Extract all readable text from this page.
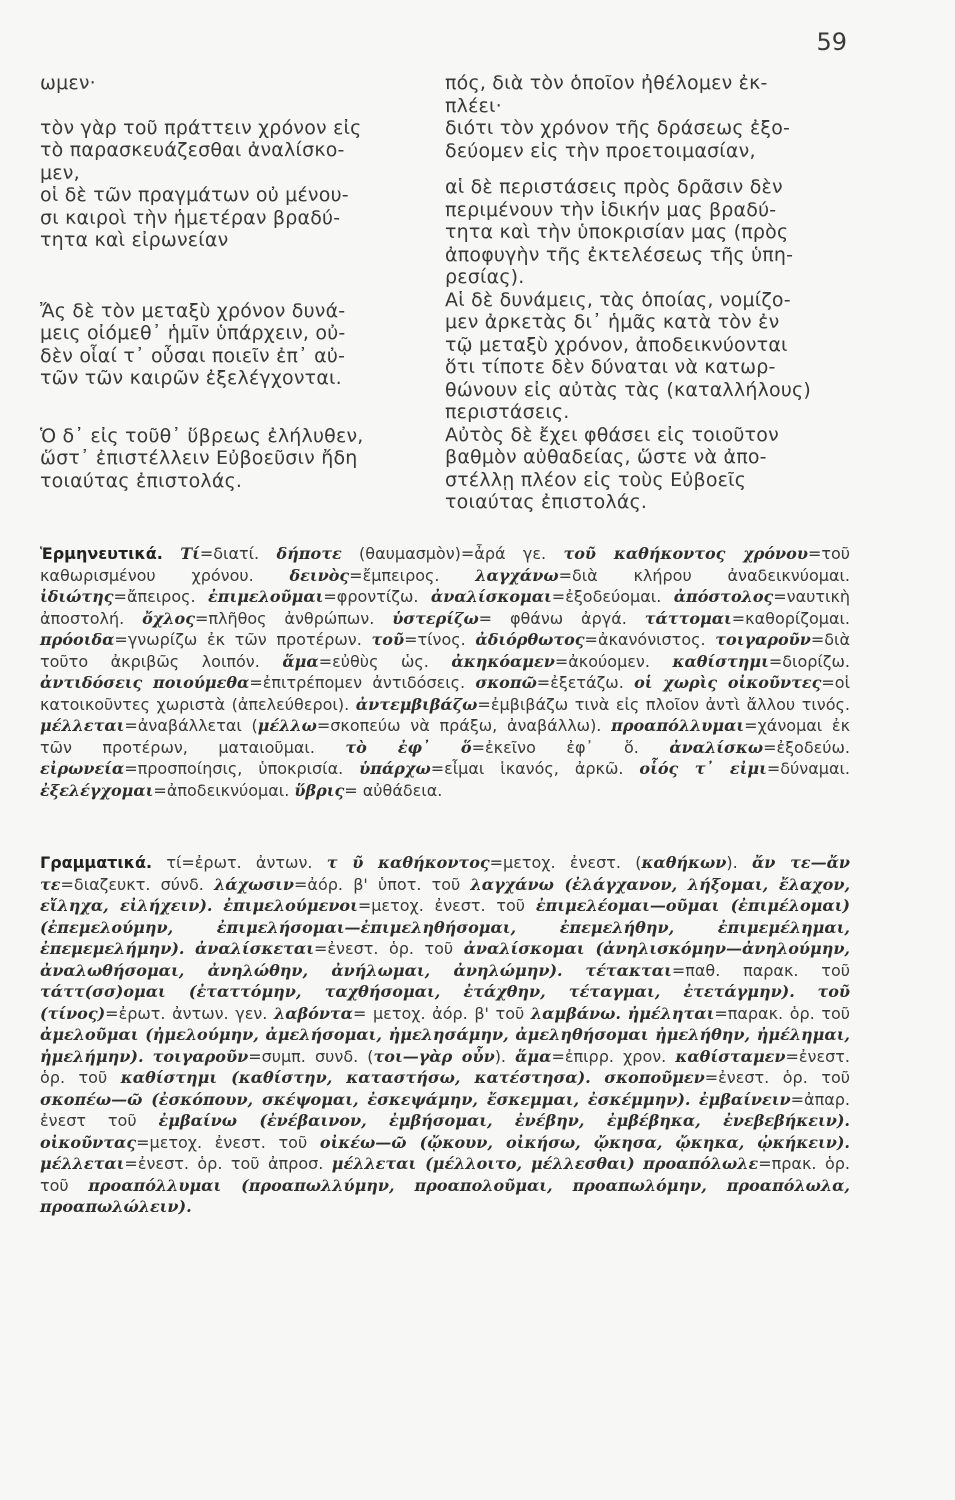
59

ωμεν·

τὸν γὰρ τοῦ πράττειν χρόνον εἰς
τὸ παρασκευάζεσθαι ἀναλίσκο-
μεν,
οἱ δὲ τῶν πραγμάτων οὐ μένου-
σι καιροὶ τὴν ἡμετέραν βραδύ-
τητα καὶ εἰρωνείαν

Ἄς δὲ τὸν μεταξὺ χρόνον δυνά-
μεις οἰόμεθ᾽ ἡμῖν ὑπάρχειν, οὐ-
δὲν οἷαί τ᾽ οὖσαι ποιεῖν ἐπ᾽ αὐ-
τῶν τῶν καιρῶν ἐξελέγχονται.

Ὁ δ᾽ εἰς τοῦθ᾽ ὕβρεως ἐλήλυθεν,
ὥστ᾽ ἐπιστέλλειν Εὐβοεῦσιν ἤδη
τοιαύτας ἐπιστολάς.

πός, διὰ τὸν ὁποῖον ἠθέλομεν ἐκ-
πλέει·
διότι τὸν χρόνον τῆς δράσεως ἐξο-
δεύομεν εἰς τὴν προετοιμασίαν,

αἱ δὲ περιστάσεις πρὸς δρᾶσιν δὲν
περιμένουν τὴν ἰδικήν μας βραδύ-
τητα καὶ τὴν ὑποκρισίαν μας (πρὸς
ἀποφυγὴν τῆς ἐκτελέσεως τῆς ὑπη-
ρεσίας).

Αἱ δὲ δυνάμεις, τὰς ὁποίας, νομίζο-
μεν ἀρκετὰς δι᾽ ἡμᾶς κατὰ τὸν ἐν
τῷ μεταξὺ χρόνον, ἀποδεικνύονται
ὅτι τίποτε δὲν δύναται νὰ κατωρ-
θώνουν εἰς αὐτὰς τὰς (καταλλήλους)
περιστάσεις.

Αὐτὸς δὲ ἔχει φθάσει εἰς τοιοῦτον
βαθμὸν αὐθαδείας, ὥστε νὰ ἀπο-
στέλλῃ πλέον εἰς τοὺς Εὐβοεῖς
τοιαύτας ἐπιστολάς.

Ἑρμηνευτικά. Τί=διατί. δήποτε (θαυμασμὸν)=ἆρά γε. τοῦ καθήκοντος χρόνου=τοῦ καθωρισμένου χρόνου. δεινὸς=ἔμπειρος. λαγχάνω=διὰ κλήρου ἀναδεικνύομαι. ἰδιώτης=ἄπειρος. ἐπιμελοῦμαι=φροντίζω. ἀναλίσκομαι=ἐξοδεύομαι. ἀπόστολος=ναυτικὴ ἀποστολή. ὄχλος=πλῆθος ἀνθρώπων. ὑστερίζω= φθάνω ἀργά. τάττομαι=καθορίζομαι. πρόοιδα=γνωρίζω ἐκ τῶν προτέρων. τοῦ=τίνος. ἀδιόρθωτος=ἀκανόνιστος. τοιγαροῦν=διὰ τοῦτο ἀκριβῶς λοιπόν. ἅμα=εὐθὺς ὡς. ἀκηκόαμεν=ἀκούομεν. καθίστημι=διορίζω. ἀντιδόσεις ποιούμεθα=ἐπιτρέπομεν ἀντιδόσεις. σκοπῶ=ἐξετάζω. οἱ χωρὶς οἰκοῦντες=οἱ κατοικοῦντες χωριστὰ (ἀπελεύθεροι). ἀντεμβιβάζω=ἐμβιβάζω τινὰ εἰς πλοῖον ἀντὶ ἄλλου τινός. μέλλεται=ἀναβάλλεται (μέλλω=σκοπεύω νὰ πράξω, ἀναβάλλω). προαπόλλυμαι=χάνομαι ἐκ τῶν προτέρων, ματαιοῦμαι. τὸ ἐφ᾽ ὅ=ἐκεῖνο ἐφ᾽ ὅ. ἀναλίσκω=ἐξοδεύω. εἰρωνεία=προσποίησις, ὑποκρισία. ὑπάρχω=εἶμαι ἱκανός, ἀρκῶ. οἷός τ᾽ εἰμι=δύναμαι. ἐξελέγχομαι=ἀποδεικνύομαι. ὕβρις= αὐθάδεια.
Γραμματικά. τί=ἐρωτ. ἀντων. τ ῦ καθήκοντος=μετοχ. ἐνεστ. (καθήκων). ἄν τε—ἄν τε=διαζευκτ. σύνδ. λάχωσιν=ἀόρ. β' ὑποτ. τοῦ λαγχάνω (ἐλάγχανον, λήξομαι, ἔλαχον, εἴληχα, εἰλήχειν). ἐπιμελούμενοι=μετοχ. ἐνεστ. τοῦ ἐπιμελέομαι—οῦμαι (ἐπιμέλομαι) (ἐπεμελούμην, ἐπιμελήσομαι—ἐπιμεληθήσομαι, ἐπεμελήθην, ἐπιμεμέλημαι, ἐπεμεμελήμην). ἀναλίσκεται=ἐνεστ. ὁρ. τοῦ ἀναλίσκομαι (ἀνηλισκόμην—ἀνηλούμην, ἀναλωθήσομαι, ἀνηλώθην, ἀνήλωμαι, ἀνηλώμην). τέτακται=παθ. παρακ. τοῦ τάττ(σσ)ομαι (ἐταττόμην, ταχθήσομαι, ἐτάχθην, τέταγμαι, ἐτετάγμην). τοῦ (τίνος)=ἐρωτ. ἀντων. γεν. λαβόντα= μετοχ. ἀόρ. β' τοῦ λαμβάνω. ἠμέληται=παρακ. ὁρ. τοῦ ἀμελοῦμαι (ἠμελούμην, ἀμελήσομαι, ἠμελησάμην, ἀμεληθήσομαι ἠμελήθην, ἠμέλημαι, ἠμελήμην). τοιγαροῦν=συμπ. συνδ. (τοι—γὰρ οὖν). ἅμα=ἐπιρρ. χρον. καθίσταμεν=ἐνεστ. ὁρ. τοῦ καθίστημι (καθίστην, καταστήσω, κατέστησα). σκοποῦμεν=ἐνεστ. ὁρ. τοῦ σκοπέω—ῶ (ἐσκόπουν, σκέψομαι, ἐσκεψάμην, ἔσκεμμαι, ἐσκέμμην). ἐμβαίνειν=ἀπαρ. ἐνεστ τοῦ ἐμβαίνω (ἐνέβαινον, ἐμβήσομαι, ἐνέβην, ἐμβέβηκα, ἐνεβεβήκειν). οἰκοῦντας=μετοχ. ἐνεστ. τοῦ οἰκέω—ῶ (ᾤκουν, οἰκήσω, ᾤκησα, ᾤκηκα, ᾠκήκειν). μέλλεται=ἐνεστ. ὁρ. τοῦ ἀπροσ. μέλλεται (μέλλοιτο, μέλλεσθαι) προαπόλωλε=πρακ. ὁρ. τοῦ προαπόλλυμαι (προαπωλλύμην, προαπολοῦμαι, προαπωλόμην, προαπόλωλα, προαπωλώλειν).
